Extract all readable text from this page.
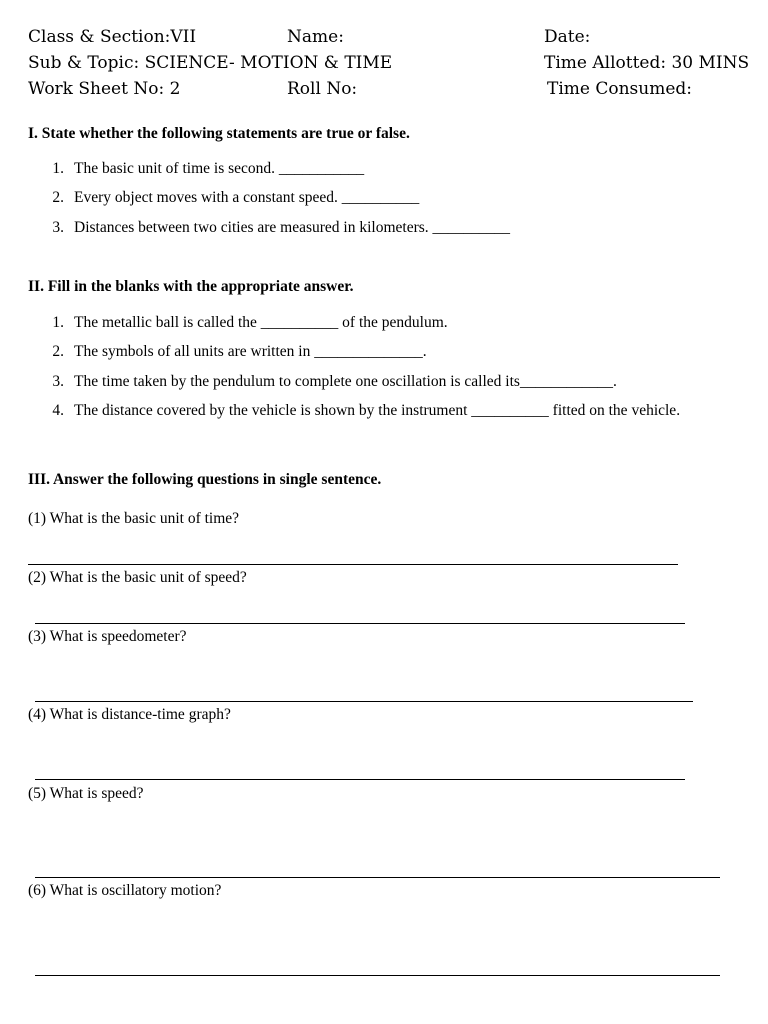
Class & Section:VII	Name:	Date:
Sub & Topic: SCIENCE- MOTION & TIME	Time Allotted: 30 MINS
Work Sheet No: 2	Roll No:	Time Consumed:
I. State whether the following statements are true or false.
1. The basic unit of time is second. ___________
2. Every object moves with a constant speed. __________
3. Distances between two cities are measured in kilometers. __________
II. Fill in the blanks with the appropriate answer.
1. The metallic ball is called the __________ of the pendulum.
2. The symbols of all units are written in ______________.
3. The time taken by the pendulum to complete one oscillation is called its____________.
4. The distance covered by the vehicle is shown by the instrument __________ fitted on the vehicle.
III. Answer the following questions in single sentence.
(1) What is the basic unit of time?
(2) What is the basic unit of speed?
(3) What is speedometer?
(4) What is distance-time graph?
(5) What is speed?
(6) What is oscillatory motion?
